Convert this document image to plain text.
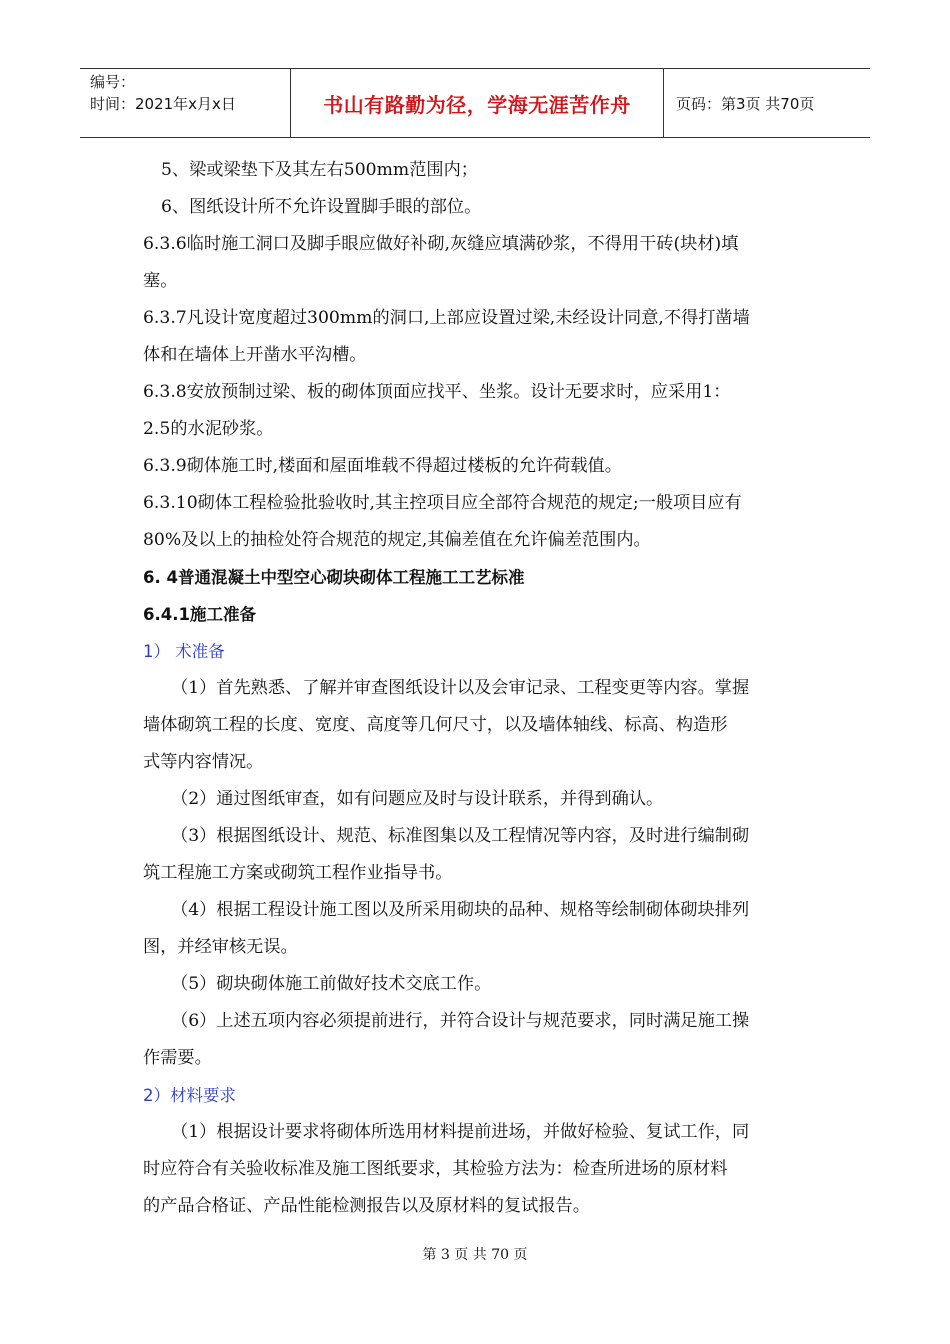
编号：
时间：2021年x月x日	书山有路勤为径，学海无涯苦作舟	页码：第3页 共70页
5、梁或梁垫下及其左右500mm范围内；
6、图纸设计所不允许设置脚手眼的部位。
6.3.6临时施工洞口及脚手眼应做好补砌,灰缝应填满砂浆，不得用干砖(块材)填
塞。
6.3.7凡设计宽度超过300mm的洞口,上部应设置过梁,未经设计同意,不得打凿墙
体和在墙体上开凿水平沟槽。
6.3.8安放预制过梁、板的砌体顶面应找平、坐浆。设计无要求时，应采用1：
2.5的水泥砂浆。
6.3.9砌体施工时,楼面和屋面堆载不得超过楼板的允许荷载值。
6.3.10砌体工程检验批验收时,其主控项目应全部符合规范的规定;一般项目应有
80%及以上的抽检处符合规范的规定,其偏差值在允许偏差范围内。
6. 4普通混凝土中型空心砌块砌体工程施工工艺标准
6.4.1施工准备
1） 术准备
（1）首先熟悉、了解并审查图纸设计以及会审记录、工程变更等内容。掌握
墙体砌筑工程的长度、宽度、高度等几何尺寸，以及墙体轴线、标高、构造形
式等内容情况。
（2）通过图纸审查，如有问题应及时与设计联系，并得到确认。
（3）根据图纸设计、规范、标准图集以及工程情况等内容，及时进行编制砌
筑工程施工方案或砌筑工程作业指导书。
（4）根据工程设计施工图以及所采用砌块的品种、规格等绘制砌体砌块排列
图，并经审核无误。
（5）砌块砌体施工前做好技术交底工作。
（6）上述五项内容必须提前进行，并符合设计与规范要求，同时满足施工操
作需要。
2）材料要求
（1）根据设计要求将砌体所选用材料提前进场，并做好检验、复试工作，同
时应符合有关验收标准及施工图纸要求，其检验方法为：检查所进场的原材料
的产品合格证、产品性能检测报告以及原材料的复试报告。
第 3 页 共 70 页
